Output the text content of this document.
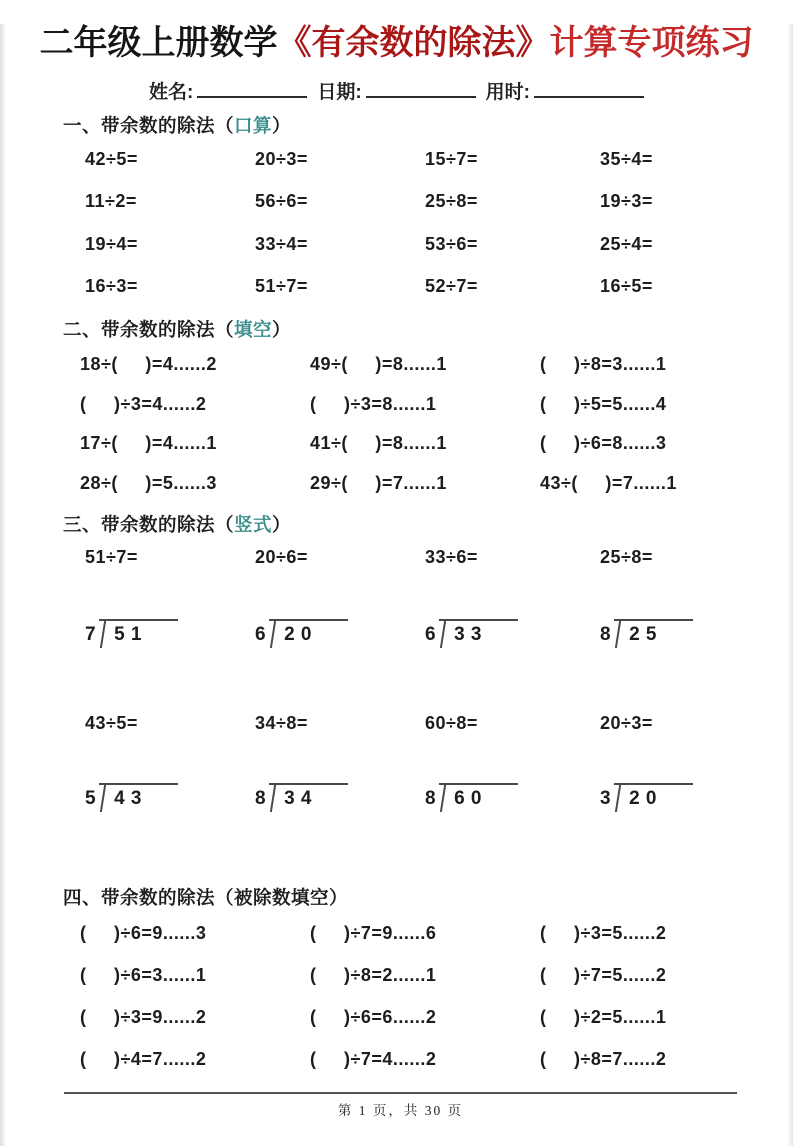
二年级上册数学《有余数的除法》计算专项练习
姓名:	日期:	用时:
一、带余数的除法（口算）
42÷5=	20÷3=	15÷7=	35÷4=
11÷2=	56÷6=	25÷8=	19÷3=
19÷4=	33÷4=	53÷6=	25÷4=
16÷3=	51÷7=	52÷7=	16÷5=
二、带余数的除法（填空）
18÷(     )=4......2	49÷(     )=8......1	(     )÷8=3......1
(     )÷3=4......2	(     )÷3=8......1	(     )÷5=5......4
17÷(     )=4......1	41÷(     )=8......1	(     )÷6=8......3
28÷(     )=5......3	29÷(     )=7......1	43÷(     )=7......1
三、带余数的除法（竖式）
51÷7=	20÷6=	33÷6=	25÷8=
7 5 1	6 2 0	6 3 3	8 2 5
43÷5=	34÷8=	60÷8=	20÷3=
5 4 3	8 3 4	8 6 0	3 2 0
四、带余数的除法（被除数填空）
(     )÷6=9......3	(     )÷7=9......6	(     )÷3=5......2
(     )÷6=3......1	(     )÷8=2......1	(     )÷7=5......2
(     )÷3=9......2	(     )÷6=6......2	(     )÷2=5......1
(     )÷4=7......2	(     )÷7=4......2	(     )÷8=7......2
第 1 页，共 30 页
